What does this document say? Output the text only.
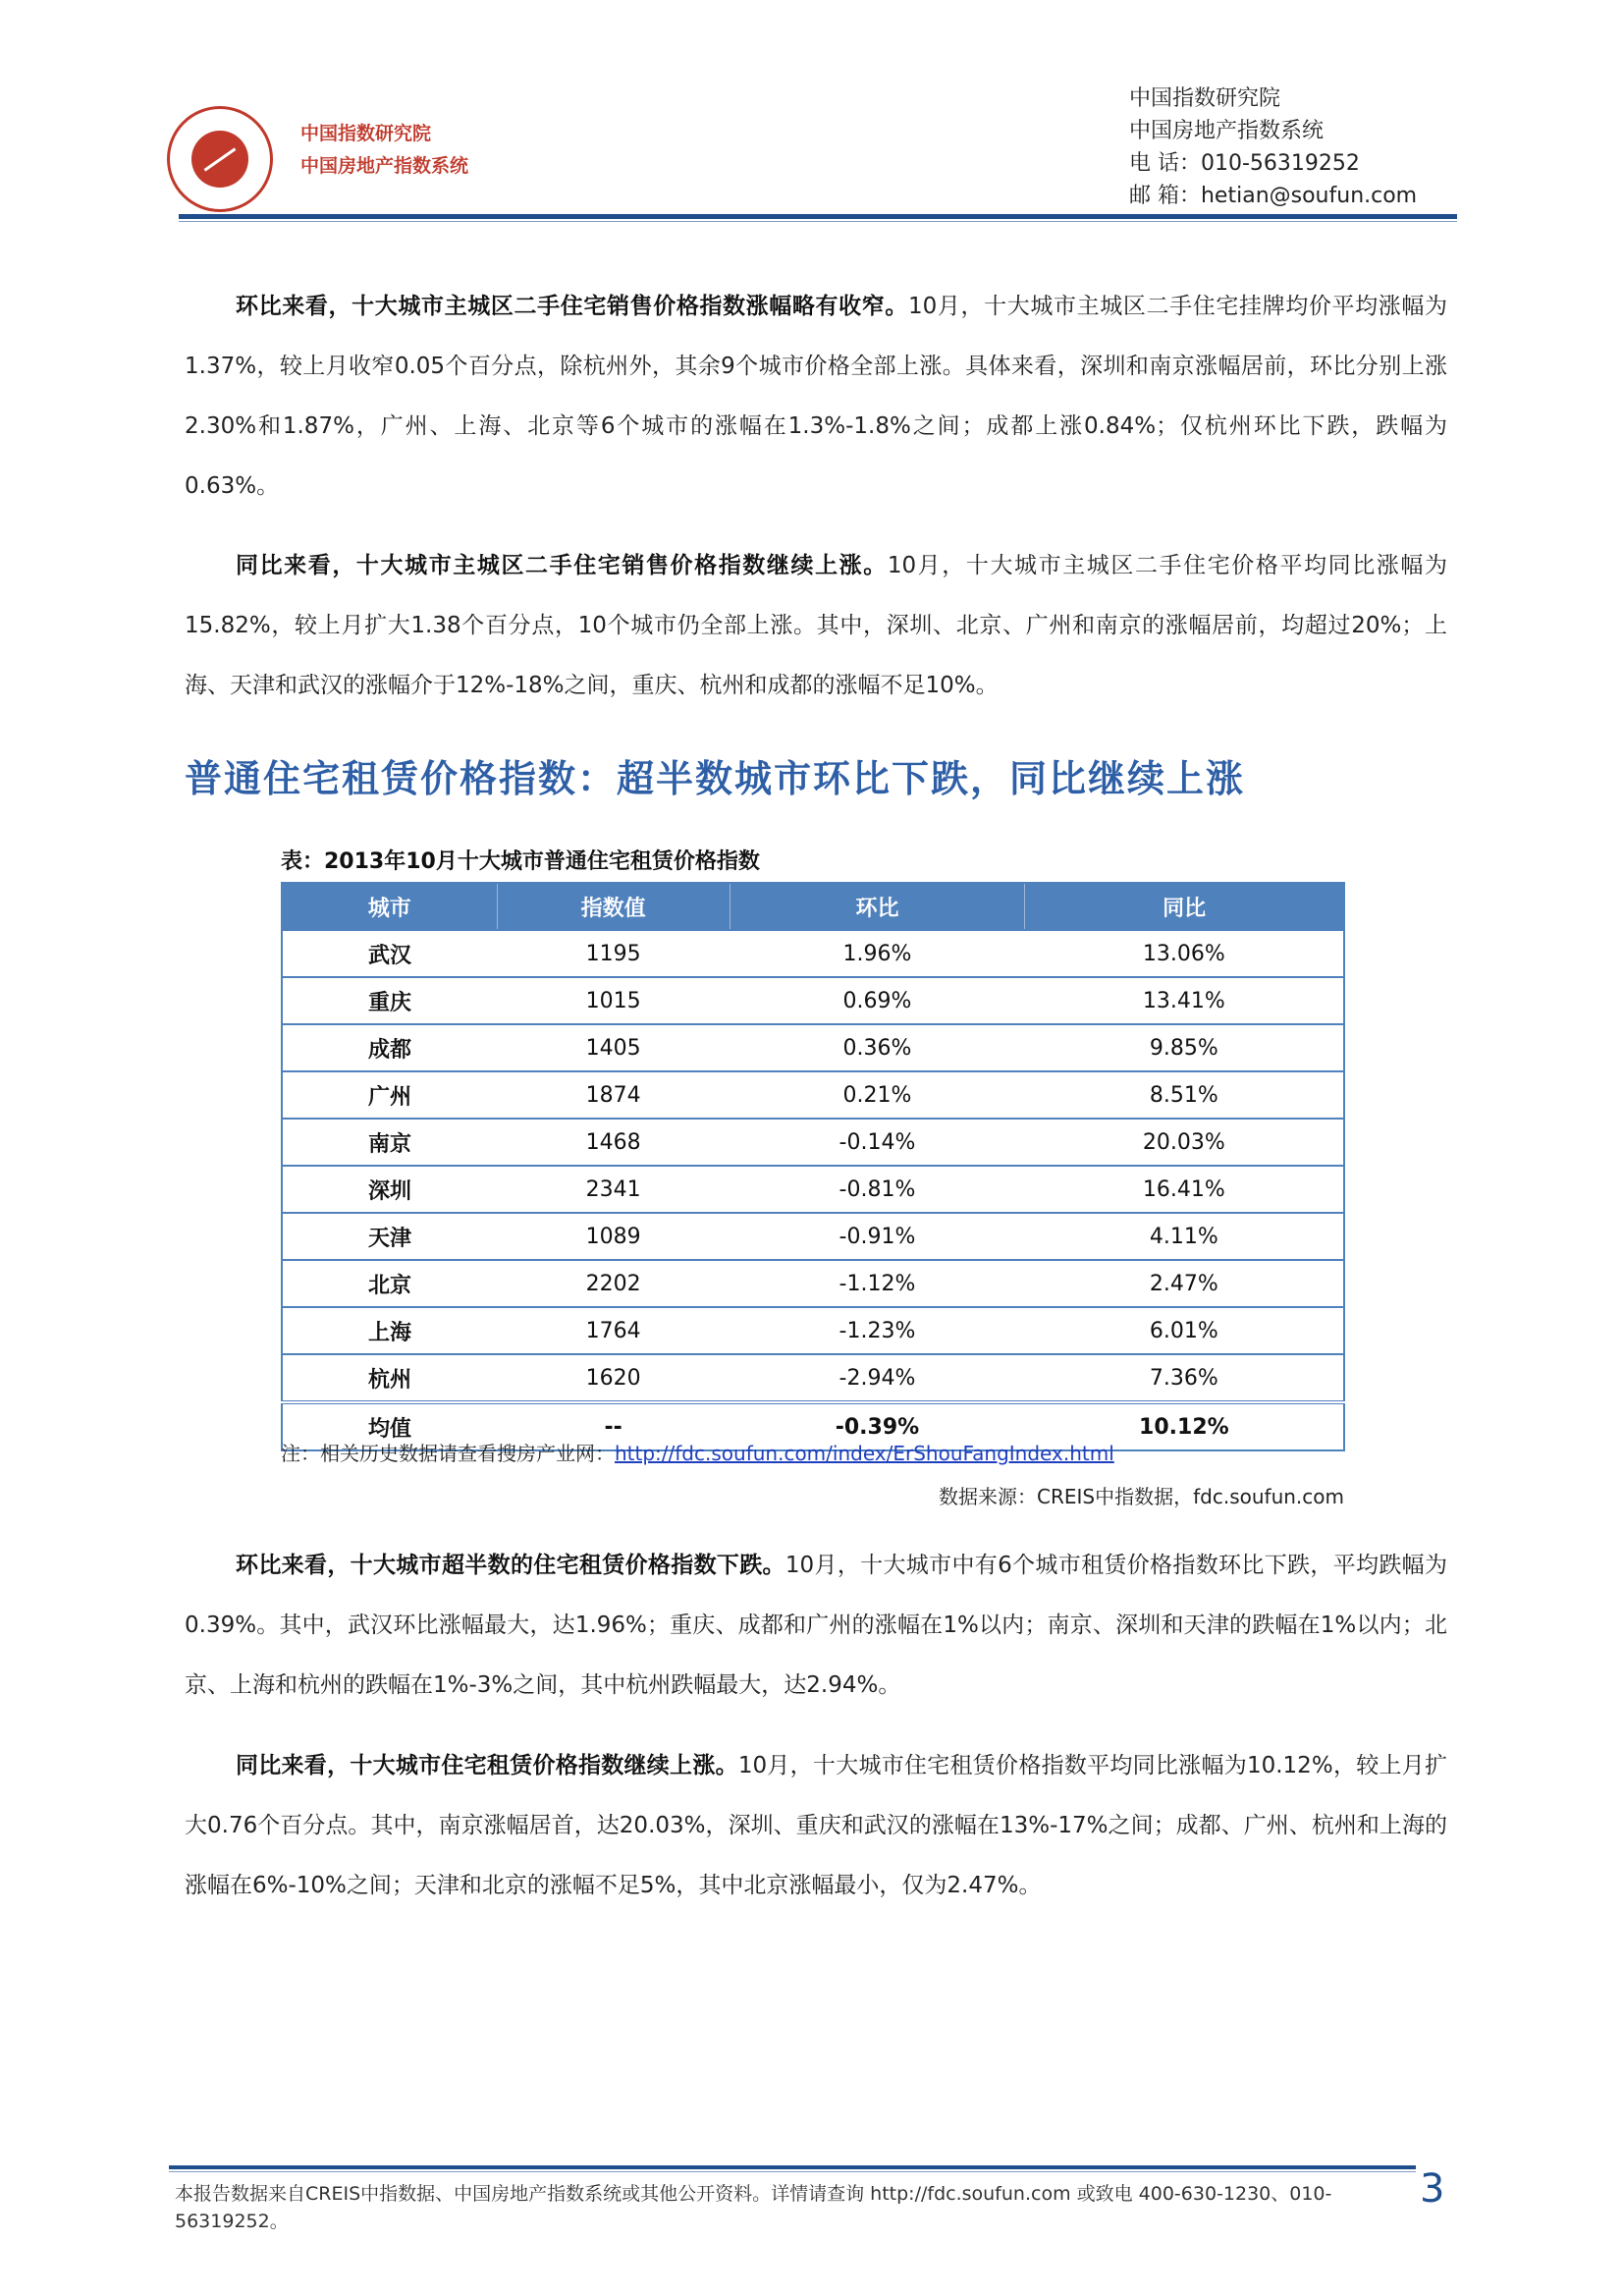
中国指数研究院
中国房地产指数系统
中国指数研究院
中国房地产指数系统
电 话：010-56319252
邮 箱：hetian@soufun.com
环比来看，十大城市主城区二手住宅销售价格指数涨幅略有收窄。10月，十大城市主城区二手住宅挂牌均价平均涨幅为1.37%，较上月收窄0.05个百分点，除杭州外，其余9个城市价格全部上涨。具体来看，深圳和南京涨幅居前，环比分别上涨2.30%和1.87%，广州、上海、北京等6个城市的涨幅在1.3%-1.8%之间；成都上涨0.84%；仅杭州环比下跌，跌幅为0.63%。
同比来看，十大城市主城区二手住宅销售价格指数继续上涨。10月，十大城市主城区二手住宅价格平均同比涨幅为15.82%，较上月扩大1.38个百分点，10个城市仍全部上涨。其中，深圳、北京、广州和南京的涨幅居前，均超过20%；上海、天津和武汉的涨幅介于12%-18%之间，重庆、杭州和成都的涨幅不足10%。
普通住宅租赁价格指数：超半数城市环比下跌，同比继续上涨
表：2013年10月十大城市普通住宅租赁价格指数
城市	指数值	环比	同比
武汉	1195	1.96%	13.06%
重庆	1015	0.69%	13.41%
成都	1405	0.36%	9.85%
广州	1874	0.21%	8.51%
南京	1468	-0.14%	20.03%
深圳	2341	-0.81%	16.41%
天津	1089	-0.91%	4.11%
北京	2202	-1.12%	2.47%
上海	1764	-1.23%	6.01%
杭州	1620	-2.94%	7.36%
均值	--	-0.39%	10.12%
注：相关历史数据请查看搜房产业网：http://fdc.soufun.com/index/ErShouFangIndex.html
数据来源：CREIS中指数据，fdc.soufun.com
环比来看，十大城市超半数的住宅租赁价格指数下跌。10月，十大城市中有6个城市租赁价格指数环比下跌，平均跌幅为0.39%。其中，武汉环比涨幅最大，达1.96%；重庆、成都和广州的涨幅在1%以内；南京、深圳和天津的跌幅在1%以内；北京、上海和杭州的跌幅在1%-3%之间，其中杭州跌幅最大，达2.94%。
同比来看，十大城市住宅租赁价格指数继续上涨。10月，十大城市住宅租赁价格指数平均同比涨幅为10.12%，较上月扩大0.76个百分点。其中，南京涨幅居首，达20.03%，深圳、重庆和武汉的涨幅在13%-17%之间；成都、广州、杭州和上海的涨幅在6%-10%之间；天津和北京的涨幅不足5%，其中北京涨幅最小，仅为2.47%。
本报告数据来自CREIS中指数据、中国房地产指数系统或其他公开资料。详情请查询 http://fdc.soufun.com 或致电 400-630-1230、010-56319252。
3
